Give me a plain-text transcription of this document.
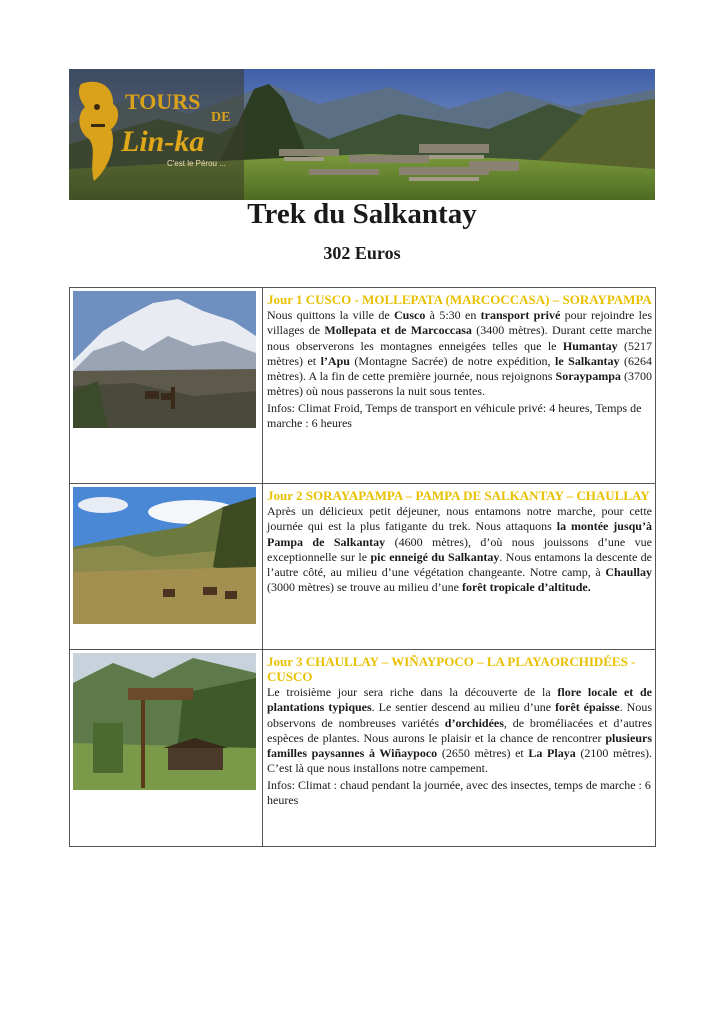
TOURS
DE
Lin-ka
C'est le Pérou ...
Trek du Salkantay
302 Euros

Jour 1 CUSCO - MOLLEPATA (MARCOCCASA) – SORAYPAMPA

Nous quittons la ville de Cusco à 5:30 en transport privé pour rejoindre les villages de Mollepata et de Marcoccasa (3400 mètres). Durant cette marche nous observerons les montagnes enneigées telles que le Humantay (5217 mètres) et l’Apu (Montagne Sacrée) de notre expédition, le Salkantay (6264 mètres). A la fin de cette première journée, nous rejoignons Soraypampa (3700 mètres) où nous passerons la nuit sous tentes.

Infos: Climat Froid, Temps de transport en véhicule privé: 4 heures, Temps de marche : 6 heures

Jour 2 SORAYAPAMPA – PAMPA DE SALKANTAY – CHAULLAY

Après un délicieux petit déjeuner, nous entamons notre marche, pour cette journée qui est la plus fatigante du trek. Nous attaquons la montée jusqu’à Pampa de Salkantay (4600 mètres), d’où nous jouissons d’une vue exceptionnelle sur le pic enneigé du Salkantay. Nous entamons la descente de l’autre côté, au milieu d’une végétation changeante. Notre camp, à Chaullay (3000 mètres) se trouve au milieu d’une forêt tropicale d’altitude.

Jour 3 CHAULLAY – WIÑAYPOCO – LA PLAYAORCHIDÉES - CUSCO

Le troisième jour sera riche dans la découverte de la flore locale et de plantations typiques. Le sentier descend au milieu d’une forêt épaisse. Nous observons de nombreuses variétés d’orchidées, de broméliacées et d’autres espèces de plantes. Nous aurons le plaisir et la chance de rencontrer plusieurs familles paysannes à Wiñaypoco (2650 mètres) et La Playa (2100 mètres). C’est là que nous installons notre campement.

Infos: Climat : chaud pendant la journée, avec des insectes, temps de marche : 6 heures
